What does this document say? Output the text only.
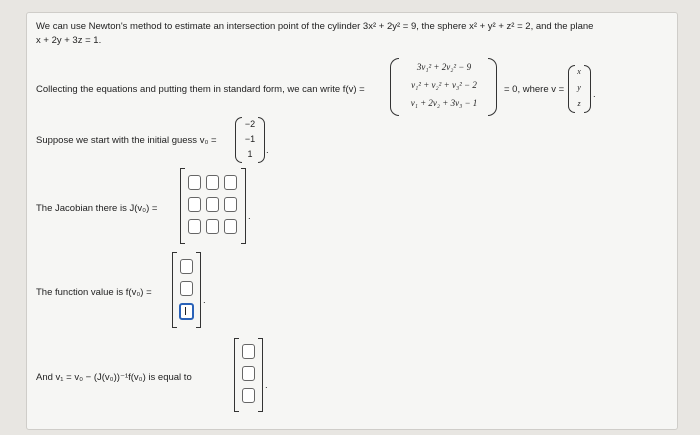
We can use Newton's method to estimate an intersection point of the cylinder 3x² + 2y² = 9, the sphere x² + y² + z² = 2, and the plane
x + 2y + 3z = 1.
Collecting the equations and putting them in standard form, we can write f(v) =
3v₁² + 2v₂² − 9
v₁² + v₂² + v₃² − 2
v₁ + 2v₂ + 3v₃ − 1
= 0, where v =
x
y
z
.
Suppose we start with the initial guess v₀ =
−2
−1
1	.
The Jacobian there is J(v₀) =
.
The function value is f(v₀) =
.
And v₁ = v₀ − (J(v₀))⁻¹f(v₀) is equal to
.
